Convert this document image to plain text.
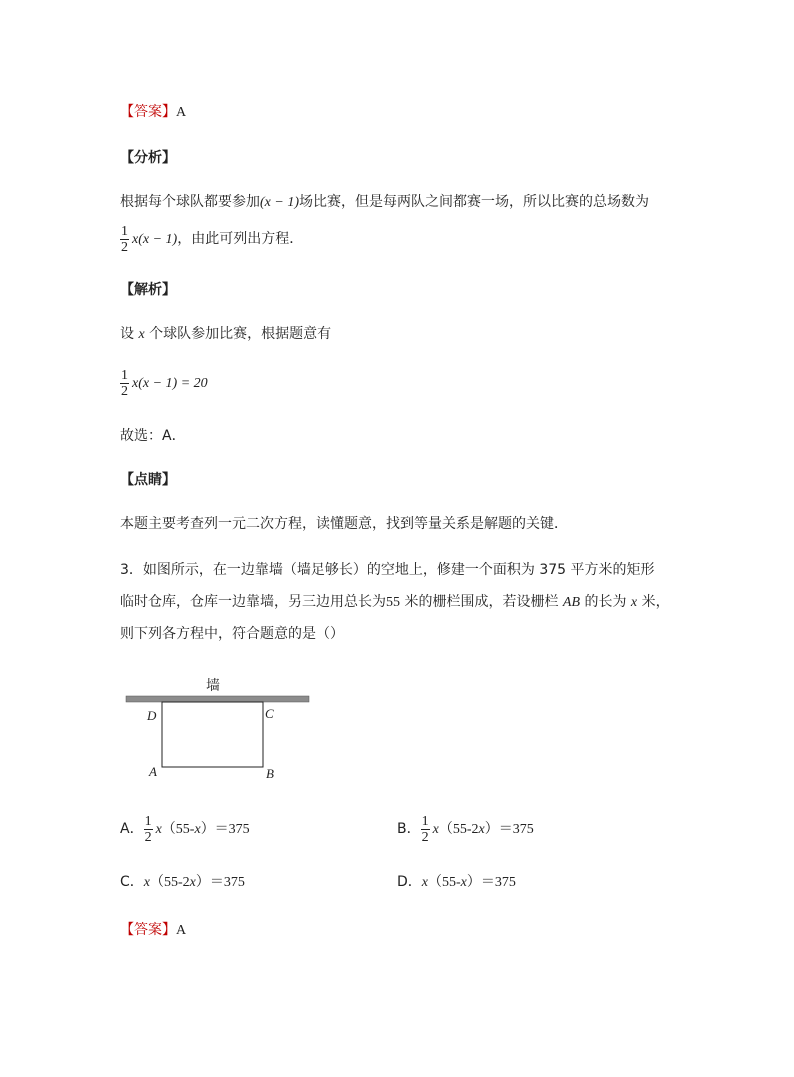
【答案】A
【分析】
根据每个球队都要参加(x − 1)场比赛，但是每两队之间都赛一场，所以比赛的总场数为
$\frac{1}{2} x(x - 1)$，由此可列出方程．
【解析】
设 x 个球队参加比赛，根据题意有
$\frac{1}{2} x(x - 1) = 20$
故选：A．
【点睛】
本题主要考查列一元二次方程，读懂题意，找到等量关系是解题的关键．
3．如图所示，在一边靠墙（墙足够长）的空地上，修建一个面积为 375 平方米的矩形
临时仓库，仓库一边靠墙，另三边用总长为55 米的栅栏围成，若设栅栏 AB 的长为 x 米，
则下列各方程中，符合题意的是（）
墙
D	C
A	B
A． $\frac{1}{2} x(55-x)=375$	B． $\frac{1}{2} x(55-2x)=375$
C．x（55-2x）＝375	D．x（55-x）＝375
【答案】A
